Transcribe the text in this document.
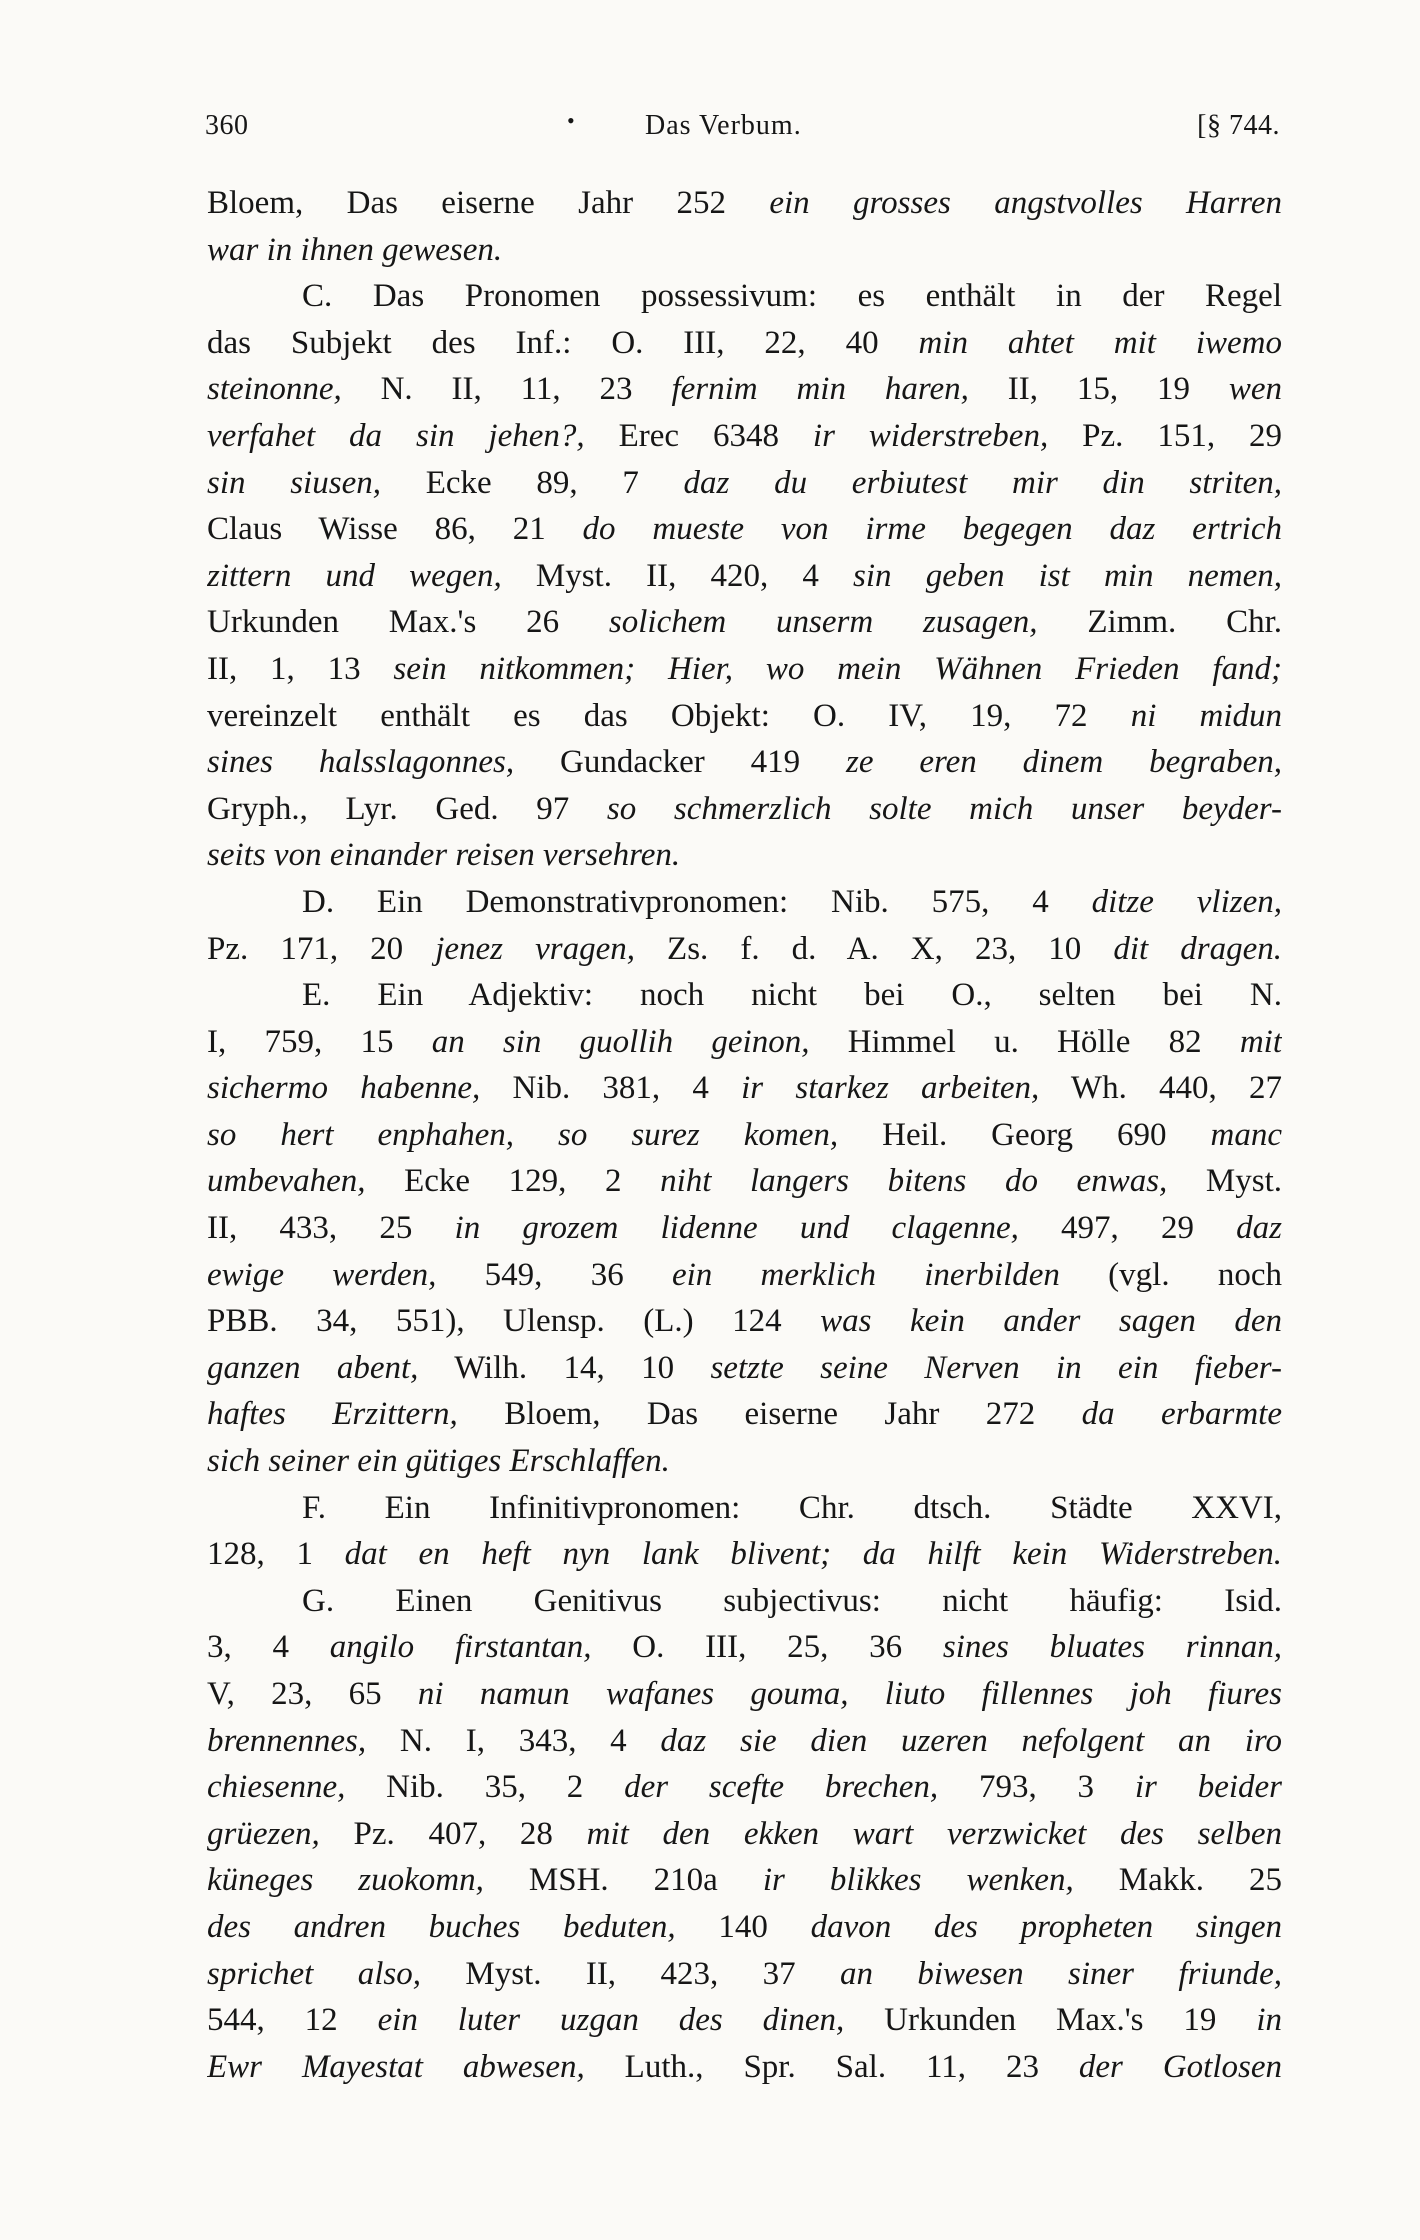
360	• Das Verbum.	[§ 744.
Bloem, Das eiserne Jahr 252 ein grosses angstvolles Harren
war in ihnen gewesen.
C. Das Pronomen possessivum: es enthält in der Regel
das Subjekt des Inf.: O. III, 22, 40 min ahtet mit iwemo
steinonne, N. II, 11, 23 fernim min haren, II, 15, 19 wen
verfahet da sin jehen?, Erec 6348 ir widerstreben, Pz. 151, 29
sin siusen, Ecke 89, 7 daz du erbiutest mir din striten,
Claus Wisse 86, 21 do mueste von irme begegen daz ertrich
zittern und wegen, Myst. II, 420, 4 sin geben ist min nemen,
Urkunden Max.'s 26 solichem unserm zusagen, Zimm. Chr.
II, 1, 13 sein nitkommen; Hier, wo mein Wähnen Frieden fand;
vereinzelt enthält es das Objekt: O. IV, 19, 72 ni midun
sines halsslagonnes, Gundacker 419 ze eren dinem begraben,
Gryph., Lyr. Ged. 97 so schmerzlich solte mich unser beyder-
seits von einander reisen versehren.
D. Ein Demonstrativpronomen: Nib. 575, 4 ditze vlizen,
Pz. 171, 20 jenez vragen, Zs. f. d. A. X, 23, 10 dit dragen.
E. Ein Adjektiv: noch nicht bei O., selten bei N.
I, 759, 15 an sin guollih geinon, Himmel u. Hölle 82 mit
sichermo habenne, Nib. 381, 4 ir starkez arbeiten, Wh. 440, 27
so hert enphahen, so surez komen, Heil. Georg 690 manc
umbevahen, Ecke 129, 2 niht langers bitens do enwas, Myst.
II, 433, 25 in grozem lidenne und clagenne, 497, 29 daz
ewige werden, 549, 36 ein merklich inerbilden (vgl. noch
PBB. 34, 551), Ulensp. (L.) 124 was kein ander sagen den
ganzen abent, Wilh. 14, 10 setzte seine Nerven in ein fieber-
haftes Erzittern, Bloem, Das eiserne Jahr 272 da erbarmte
sich seiner ein gütiges Erschlaffen.
F. Ein Infinitivpronomen: Chr. dtsch. Städte XXVI,
128, 1 dat en heft nyn lank blivent; da hilft kein Widerstreben.
G. Einen Genitivus subjectivus: nicht häufig: Isid.
3, 4 angilo firstantan, O. III, 25, 36 sines bluates rinnan,
V, 23, 65 ni namun wafanes gouma, liuto fillennes joh fiures
brennennes, N. I, 343, 4 daz sie dien uzeren nefolgent an iro
chiesenne, Nib. 35, 2 der scefte brechen, 793, 3 ir beider
grüezen, Pz. 407, 28 mit den ekken wart verzwicket des selben
küneges zuokomn, MSH. 210a ir blikkes wenken, Makk. 25
des andren buches beduten, 140 davon des propheten singen
sprichet also, Myst. II, 423, 37 an biwesen siner friunde,
544, 12 ein luter uzgan des dinen, Urkunden Max.'s 19 in
Ewr Mayestat abwesen, Luth., Spr. Sal. 11, 23 der Gotlosen
